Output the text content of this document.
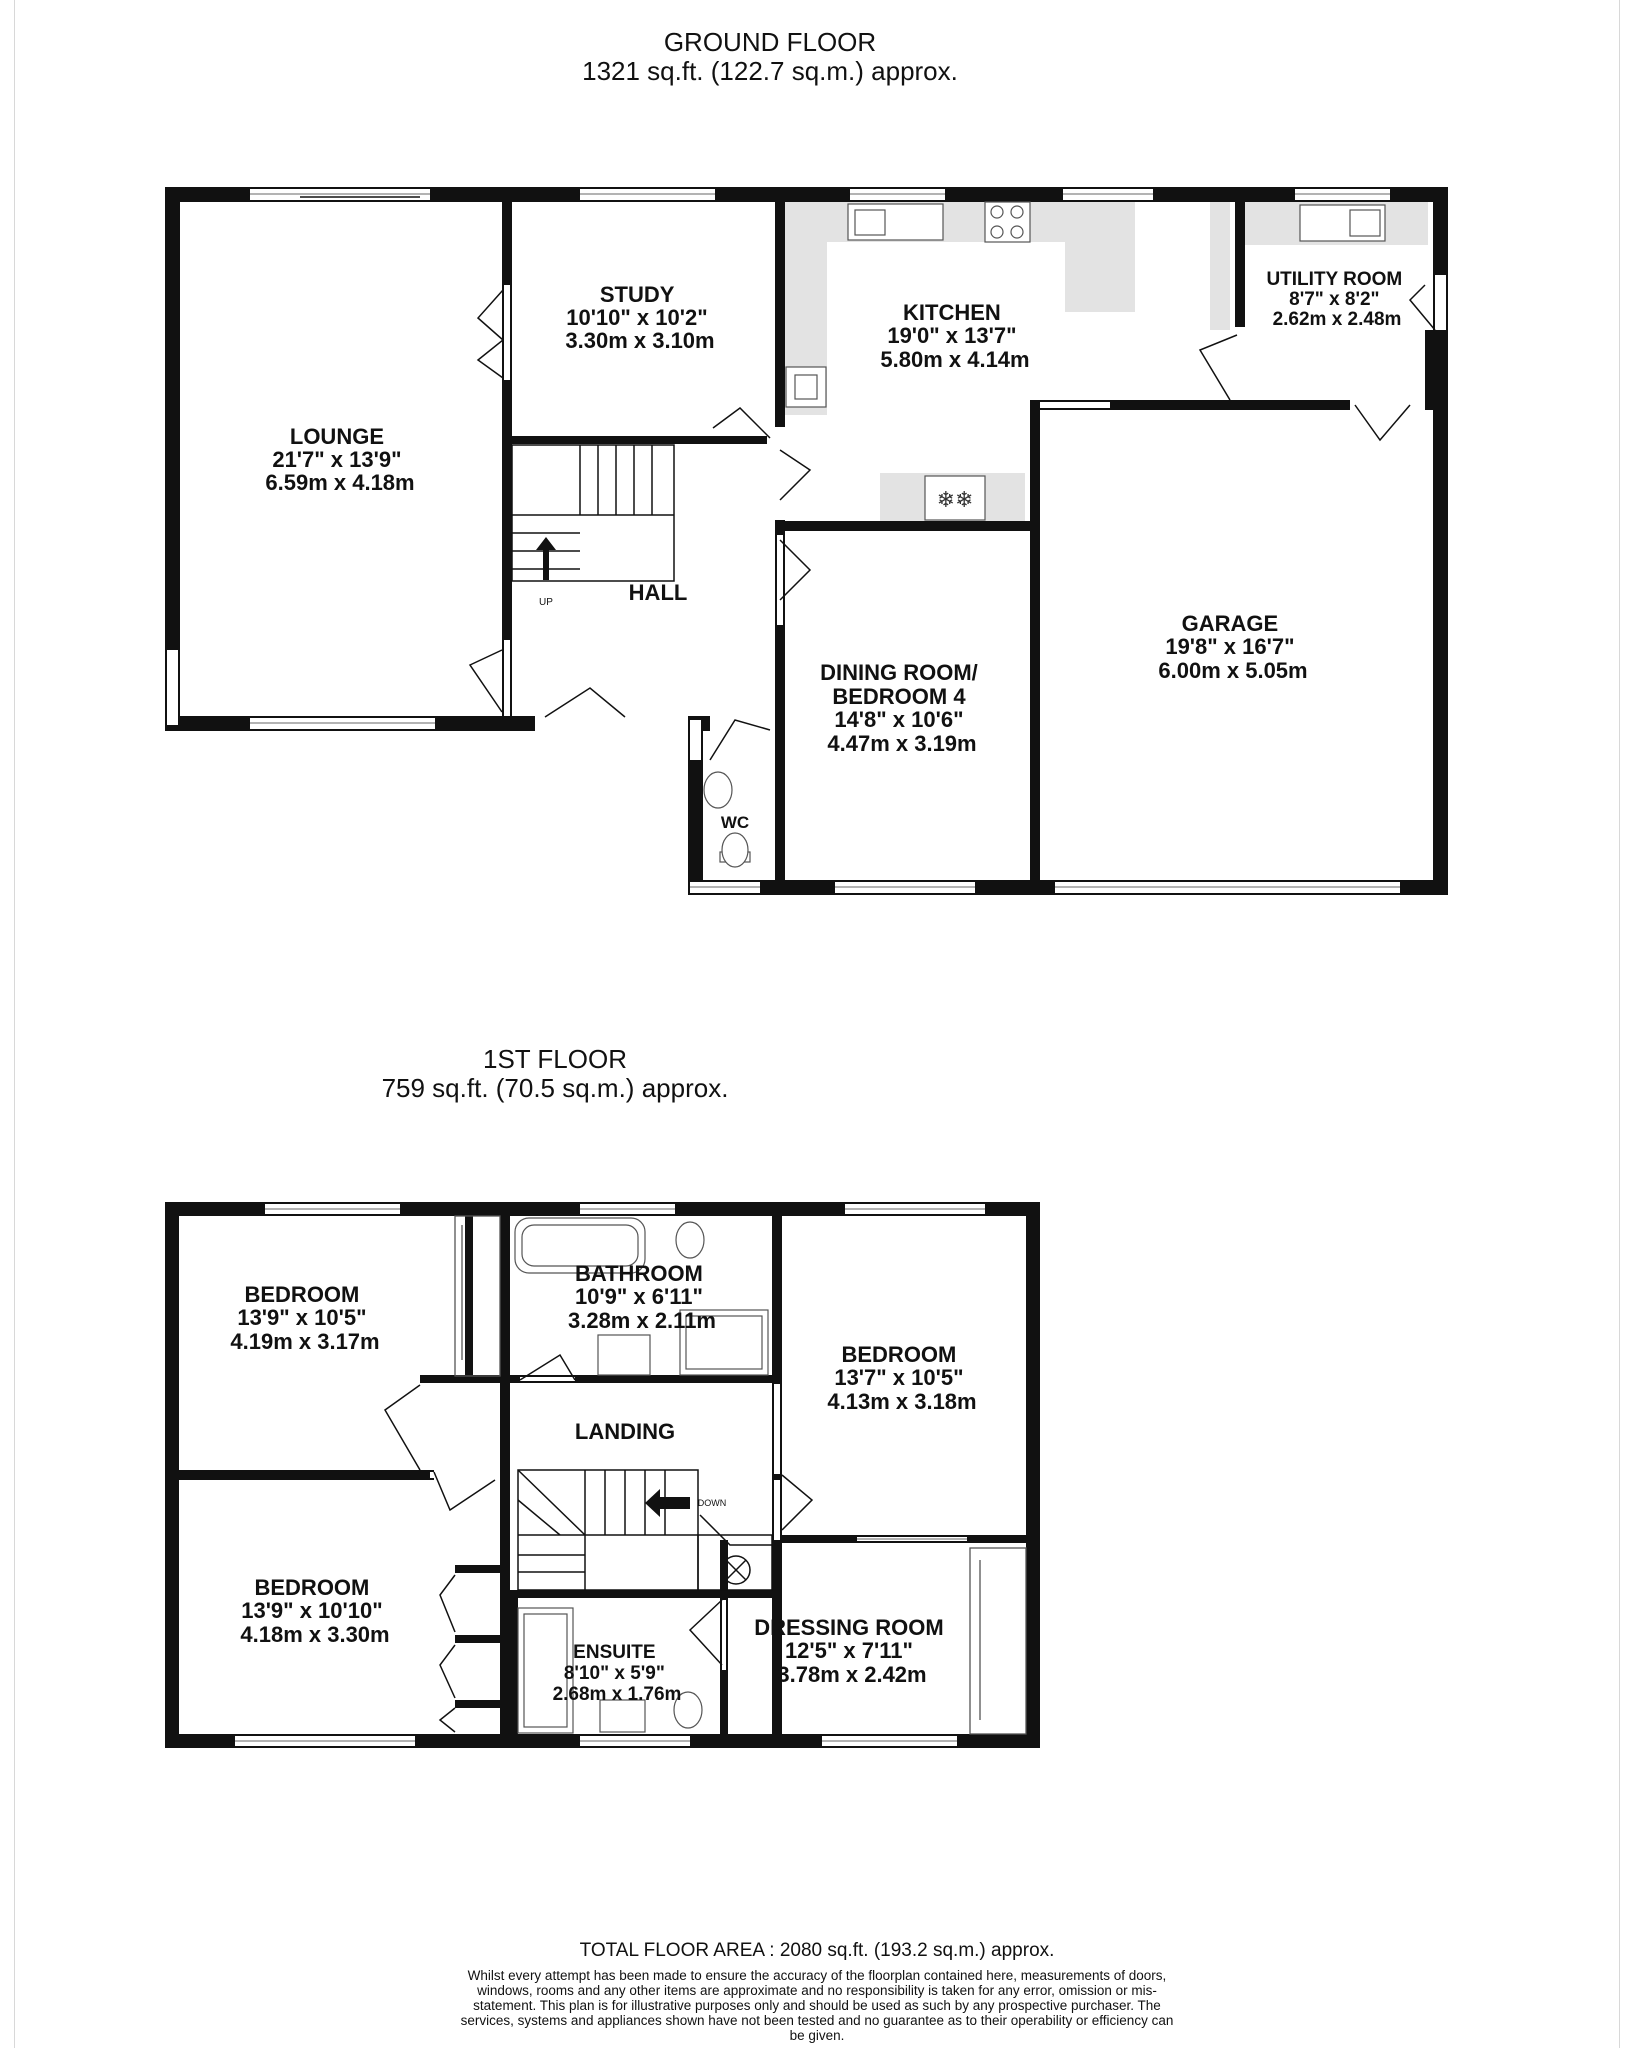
GROUND FLOOR
1321 sq.ft. (122.7 sq.m.) approx.
1ST FLOOR
759 sq.ft. (70.5 sq.m.) approx.
❄❄
LOUNGE 21'7" x 13'9" 6.59m x 4.18m
STUDY 10'10" x 10'2" 3.30m x 3.10m
KITCHEN 19'0" x 13'7" 5.80m x 4.14m
UTILITY ROOM 8'7" x 8'2" 2.62m x 2.48m
HALL
UP
DINING ROOM/ BEDROOM 4 14'8" x 10'6" 4.47m x 3.19m
GARAGE 19'8" x 16'7" 6.00m x 5.05m
WC
BEDROOM 13'9" x 10'5" 4.19m x 3.17m
BATHROOM 10'9" x 6'11" 3.28m x 2.11m
BEDROOM 13'7" x 10'5" 4.13m x 3.18m
LANDING
DOWN
BEDROOM 13'9" x 10'10" 4.18m x 3.30m
ENSUITE 8'10" x 5'9" 2.68m x 1.76m
DRESSING ROOM 12'5" x 7'11" 3.78m x 2.42m
TOTAL FLOOR AREA : 2080 sq.ft. (193.2 sq.m.) approx.
Whilst every attempt has been made to ensure the accuracy of the floorplan contained here, measurements of doors, windows, rooms and any other items are approximate and no responsibility is taken for any error, omission or mis-statement. This plan is for illustrative purposes only and should be used as such by any prospective purchaser. The services, systems and appliances shown have not been tested and no guarantee as to their operability or efficiency can be given.
